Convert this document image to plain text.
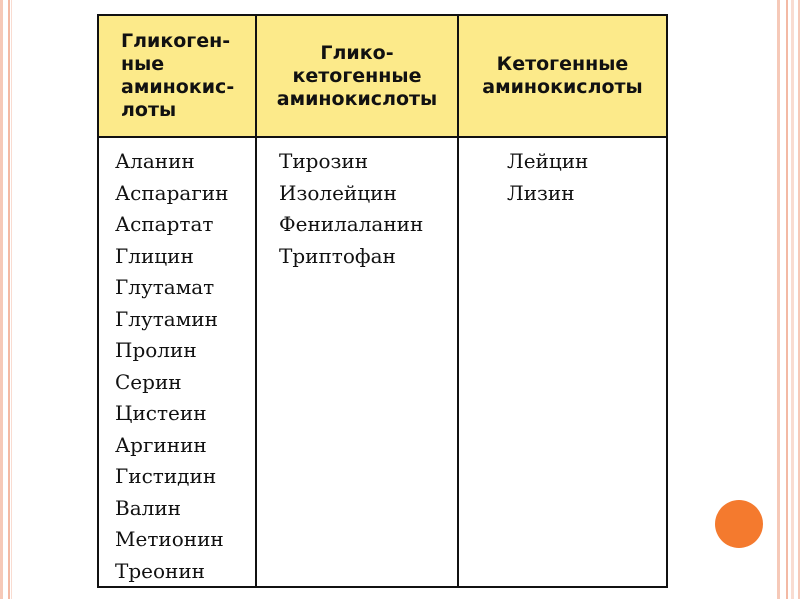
Гликоген-
ные
аминокис-
лоты
Глико-
кетогенные
аминокислоты
Кетогенные
аминокислоты
Аланин
Аспарагин
Аспартат
Глицин
Глутамат
Глутамин
Пролин
Серин
Цистеин
Аргинин
Гистидин
Валин
Метионин
Треонин
Тирозин
Изолейцин
Фенилаланин
Триптофан
Лейцин
Лизин
